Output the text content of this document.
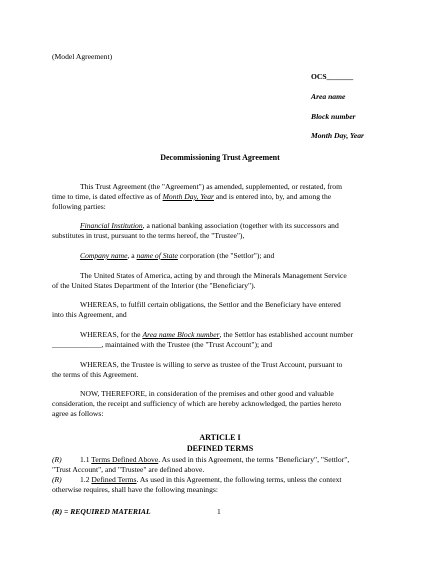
(Model Agreement)
OCS_______
Area name
Block number
Month Day, Year
Decommissioning Trust Agreement
This Trust Agreement (the "Agreement") as amended, supplemented, or restated, from
time to time, is dated effective as of Month Day, Year and is entered into, by, and among the
following parties:
Financial Institution, a national banking association (together with its successors and
substitutes in trust, pursuant to the terms hereof, the "Trustee"),
Company name, a name of State corporation (the "Settlor"); and
The United States of America, acting by and through the Minerals Management Service
of the United States Department of the Interior (the "Beneficiary").
WHEREAS, to fulfill certain obligations, the Settlor and the Beneficiary have entered
into this Agreement, and
WHEREAS, for the Area name Block number, the Settlor has established account number
_____________, maintained with the Trustee (the "Trust Account"); and
WHEREAS, the Trustee is willing to serve as trustee of the Trust Account, pursuant to
the terms of this Agreement.
NOW, THEREFORE, in consideration of the premises and other good and valuable
consideration, the receipt and sufficiency of which are hereby acknowledged, the parties hereto
agree as follows:
ARTICLE I
DEFINED TERMS
(R) 1.1 Terms Defined Above. As used in this Agreement, the terms "Beneficiary", "Settlor",
"Trust Account", and "Trustee" are defined above.
(R) 1.2 Defined Terms. As used in this Agreement, the following terms, unless the context
otherwise requires, shall have the following meanings:
(R) = REQUIRED MATERIAL	1
